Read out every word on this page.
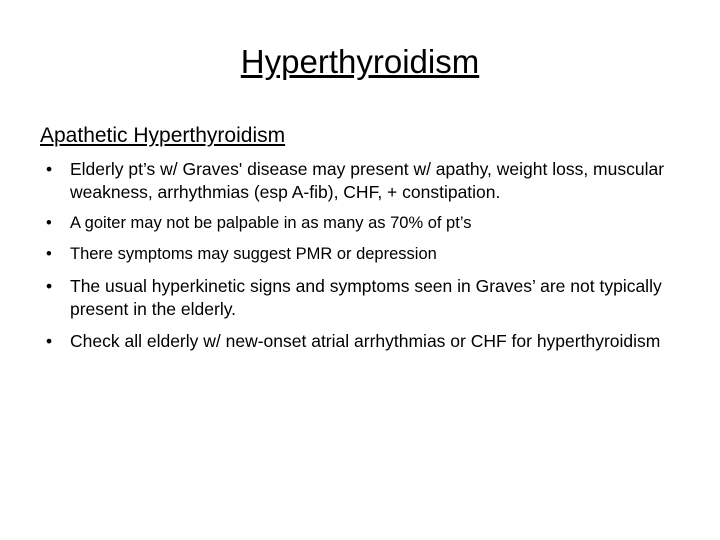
Hyperthyroidism
Apathetic Hyperthyroidism
• Elderly pt’s w/ Graves' disease may present w/ apathy, weight loss, muscular weakness, arrhythmias (esp A-fib), CHF, + constipation.
• A goiter may not be palpable in as many as 70% of pt’s
• There symptoms may suggest PMR or depression
• The usual hyperkinetic signs and symptoms seen in Graves’ are not typically present in the elderly.
• Check all elderly w/ new-onset atrial arrhythmias or CHF for hyperthyroidism
